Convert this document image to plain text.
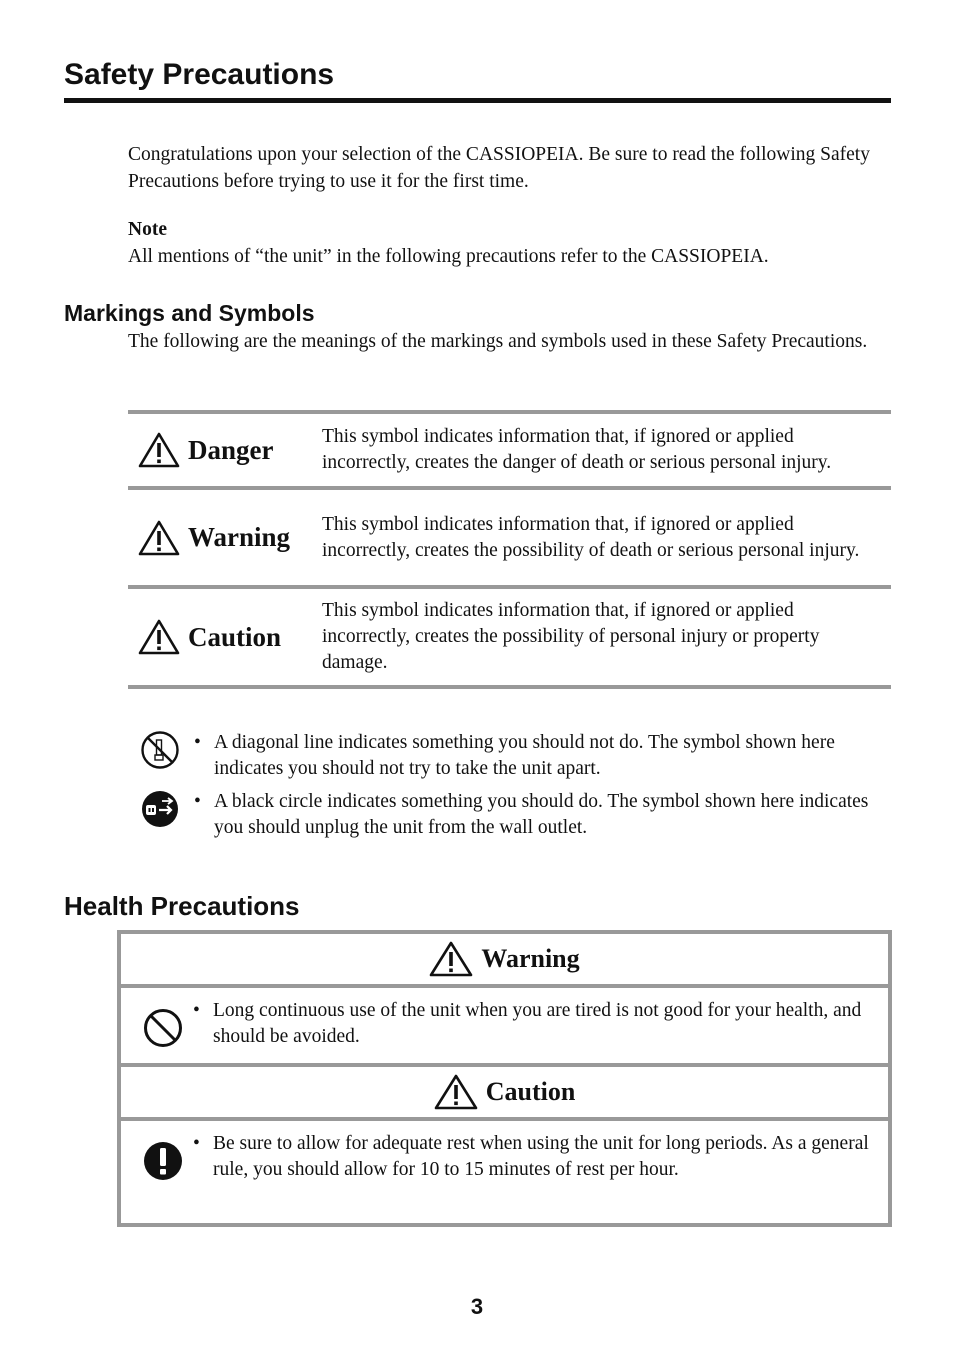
Safety Precautions
Congratulations upon your selection of the CASSIOPEIA. Be sure to read the following Safety Precautions before trying to use it for the first time.
Note
All mentions of “the unit” in the following precautions refer to the CASSIOPEIA.
Markings and Symbols
The following are the meanings of the markings and symbols used in these Safety Precautions.
Danger This symbol indicates information that, if ignored or applied incorrectly, creates the danger of death or serious personal injury.
Warning This symbol indicates information that, if ignored or applied incorrectly, creates the possibility of death or serious personal injury.
Caution
This symbol indicates information that, if ignored or applied incorrectly, creates the possibility of personal injury or property damage.
• A diagonal line indicates something you should not do. The symbol shown here indicates you should not try to take the unit apart.
• A black circle indicates something you should do. The symbol shown here indicates you should unplug the unit from the wall outlet.
Health Precautions
Warning
• Long continuous use of the unit when you are tired is not good for your health, and should be avoided.
Caution
• Be sure to allow for adequate rest when using the unit for long periods. As a general rule, you should allow for 10 to 15 minutes of rest per hour.
3
